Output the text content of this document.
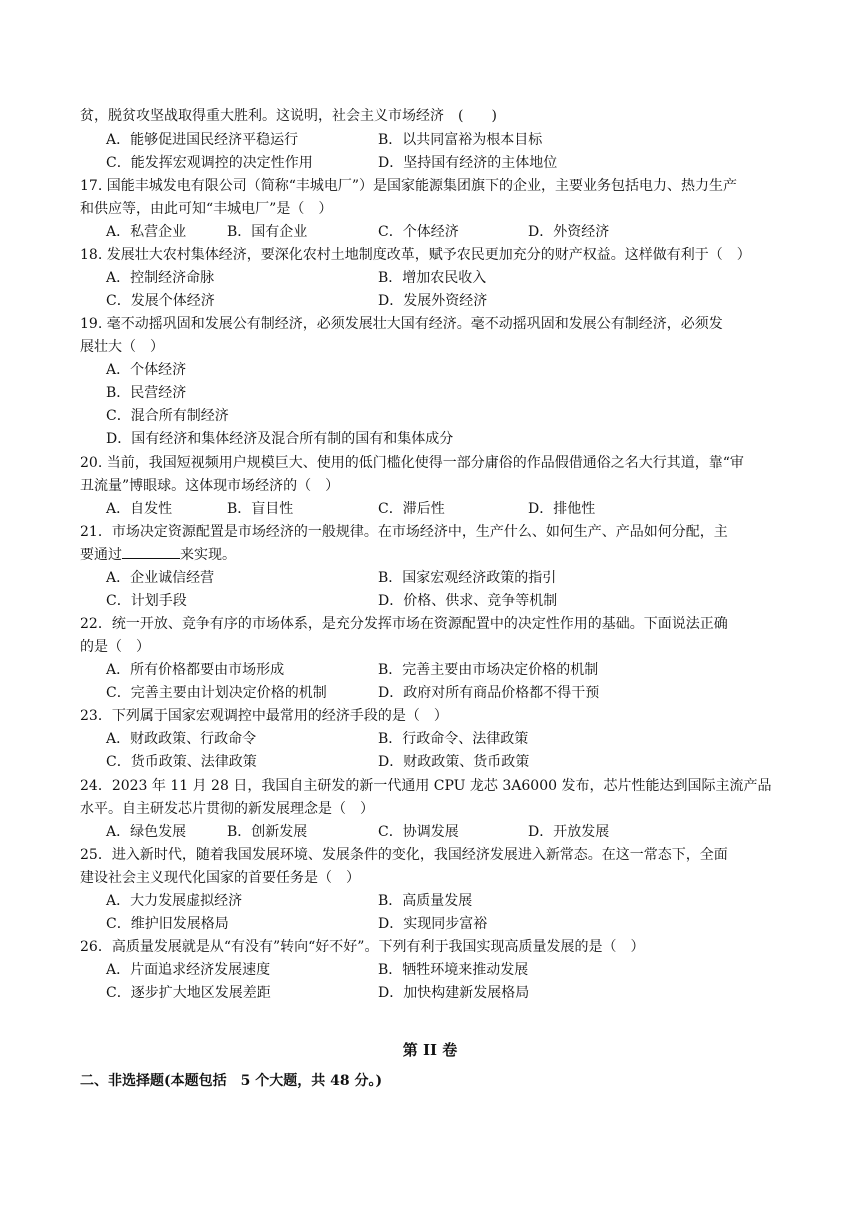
贫，脱贫攻坚战取得重大胜利。这说明，社会主义市场经济　(　　)
A．能够促进国民经济平稳运行	B．以共同富裕为根本目标
C．能发挥宏观调控的决定性作用	D．坚持国有经济的主体地位
17. 国能丰城发电有限公司（简称“丰城电厂”）是国家能源集团旗下的企业，主要业务包括电力、热力生产
和供应等，由此可知“丰城电厂”是（　）
A．私营企业	B．国有企业	C．个体经济	D．外资经济
18. 发展壮大农村集体经济，要深化农村土地制度改革，赋予农民更加充分的财产权益。这样做有利于（　）
A．控制经济命脉	B．增加农民收入
C．发展个体经济	D．发展外资经济
19. 毫不动摇巩固和发展公有制经济，必须发展壮大国有经济。毫不动摇巩固和发展公有制经济，必须发
展壮大（　）
A．个体经济
B．民营经济
C．混合所有制经济
D．国有经济和集体经济及混合所有制的国有和集体成分
20. 当前，我国短视频用户规模巨大、使用的低门槛化使得一部分庸俗的作品假借通俗之名大行其道，靠“审
丑流量”博眼球。这体现市场经济的（　）
A．自发性	B．盲目性	C．滞后性	D．排他性
21．市场决定资源配置是市场经济的一般规律。在市场经济中，生产什么、如何生产、产品如何分配，主
要通过	来实现。
A．企业诚信经营	B．国家宏观经济政策的指引
C．计划手段	D．价格、供求、竞争等机制
22．统一开放、竞争有序的市场体系，是充分发挥市场在资源配置中的决定性作用的基础。下面说法正确
的是（　）
A．所有价格都要由市场形成	B．完善主要由市场决定价格的机制
C．完善主要由计划决定价格的机制	D．政府对所有商品价格都不得干预
23．下列属于国家宏观调控中最常用的经济手段的是（　）
A．财政政策、行政命令	B．行政命令、法律政策
C．货币政策、法律政策	D．财政政策、货币政策
24．2023 年 11 月 28 日，我国自主研发的新一代通用 CPU 龙芯 3A6000 发布，芯片性能达到国际主流产品
水平。自主研发芯片贯彻的新发展理念是（　）
A．绿色发展	B．创新发展	C．协调发展	D．开放发展
25．进入新时代，随着我国发展环境、发展条件的变化，我国经济发展进入新常态。在这一常态下，全面
建设社会主义现代化国家的首要任务是（　）
A．大力发展虚拟经济	B．高质量发展
C．维护旧发展格局	D．实现同步富裕
26．高质量发展就是从“有没有”转向“好不好”。下列有利于我国实现高质量发展的是（　）
A．片面追求经济发展速度	B．牺牲环境来推动发展
C．逐步扩大地区发展差距	D．加快构建新发展格局
第 II 卷
二、非选择题(本题包括　5 个大题，共 48 分。)
